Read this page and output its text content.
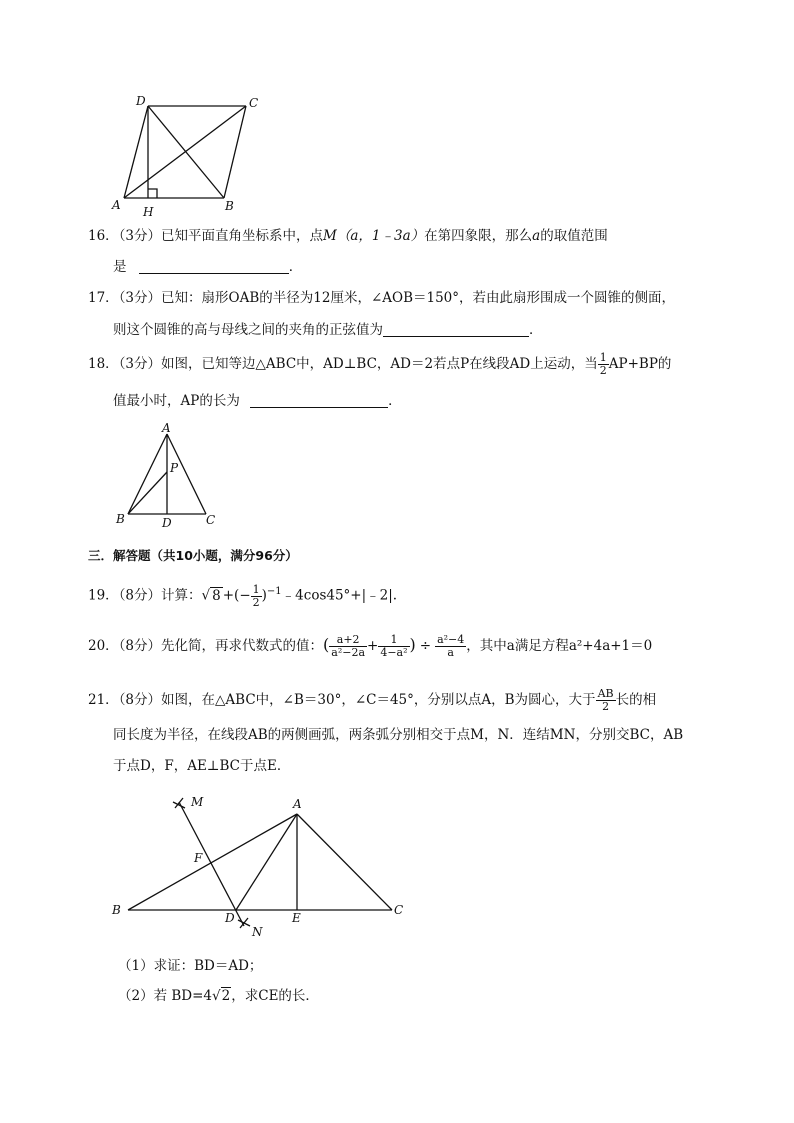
D	C
A H	B
16．（3分）已知平面直角坐标系中，点M（a，1﹣3a）在第四象限，那么a的取值范围
是	．
17．（3分）已知：扇形OAB的半径为12厘米，∠AOB＝150°，若由此扇形围成一个圆锥的侧面，
则这个圆锥的高与母线之间的夹角的正弦值为	．
18．（3分）如图，已知等边△ABC中，AD⊥BC，AD＝2若点P在线段AD上运动，当 $\frac{1}{2} AP+BP$的
值最小时，AP的长为	．
A
P
B	D	C
三．解答题（共10小题，满分96分）
19．（8分）计算：√ 8 +(− $\frac{1}{2}$ )$^{-1}$﹣4cos45°+|﹣2|.
20．（8分）先化简，再求代数式的值：( $\frac{a+2}{\text{a²−2a}} + \frac{1}{\text{4−a²}}$ ) ÷ $\frac{\text{a²−4}}{a}$ ，其中a满足方程a²+4a+1＝0
21．（8分）如图，在△ABC中，∠B＝30°，∠C＝45°，分别以点A，B为圆心，大于 $\frac{AB}{2}$ 长的相
同长度为半径，在线段AB的两侧画弧，两条弧分别相交于点M，N．连结MN，分别交BC，AB
于点D，F，AE⊥BC于点E．
M	A
F
B
D
N
E
C
（1）求证：BD＝AD；
（2）若 BD=4√2，求CE的长．
